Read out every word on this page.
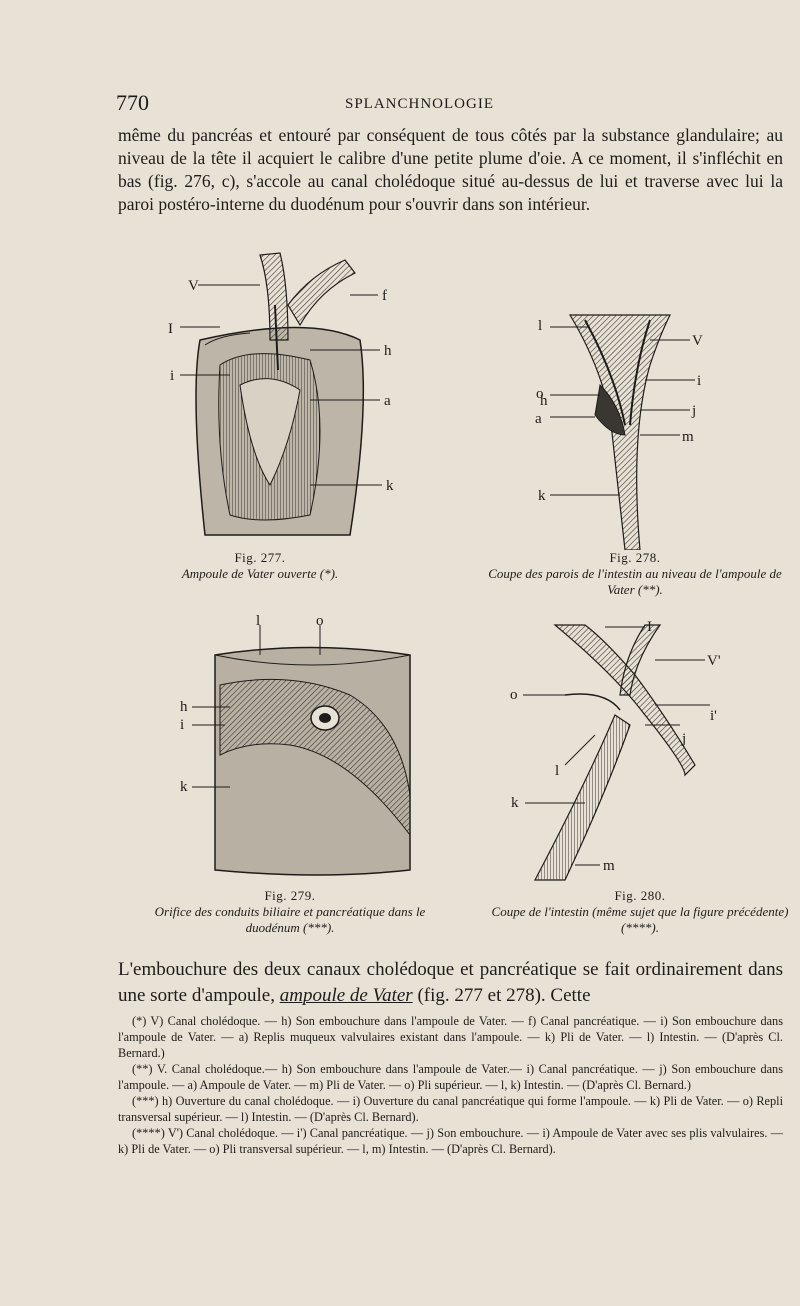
770	SPLANCHNOLOGIE
même du pancréas et entouré par conséquent de tous côtés par la substance glandulaire; au niveau de la tête il acquiert le calibre d'une petite plume d'oie. A ce moment, il s'infléchit en bas (fig. 276, c), s'accole au canal cholédoque situé au-dessus de lui et traverse avec lui la paroi postéro-interne du duodénum pour s'ouvrir dans son intérieur.
V
f
I
h
i
a
k
Fig. 277.
Ampoule de Vater ouverte (*).
l
V
o
h
i
a	j
m
k
Fig. 278.
Coupe des parois de l'intestin au niveau de l'ampoule de Vater (**).
l	o
h
i
k
Fig. 279.
Orifice des conduits biliaire et pancréatique dans le duodénum (***).
I
V'
o
i'
j
l
k
m
Fig. 280.
Coupe de l'intestin (même sujet que la figure précédente) (****).
L'embouchure des deux canaux cholédoque et pancréatique se fait ordinairement dans une sorte d'ampoule, ampoule de Vater (fig. 277 et 278). Cette

(*) V) Canal cholédoque. — h) Son embouchure dans l'ampoule de Vater. — f) Canal pancréatique. — i) Son embouchure dans l'ampoule de Vater. — a) Replis muqueux valvulaires existant dans l'ampoule. — k) Pli de Vater. — l) Intestin. — (D'après Cl. Bernard.)

(**) V. Canal cholédoque.— h) Son embouchure dans l'ampoule de Vater.— i) Canal pancréatique. — j) Son embouchure dans l'ampoule. — a) Ampoule de Vater. — m) Pli de Vater. — o) Pli supérieur. — l, k) Intestin. — (D'après Cl. Bernard.)

(***) h) Ouverture du canal cholédoque. — i) Ouverture du canal pancréatique qui forme l'ampoule. — k) Pli de Vater. — o) Repli transversal supérieur. — l) Intestin. — (D'après Cl. Bernard).

(****) V') Canal cholédoque. — i') Canal pancréatique. — j) Son embouchure. — i) Ampoule de Vater avec ses plis valvulaires. — k) Pli de Vater. — o) Pli transversal supérieur. — l, m) Intestin. — (D'après Cl. Bernard).
